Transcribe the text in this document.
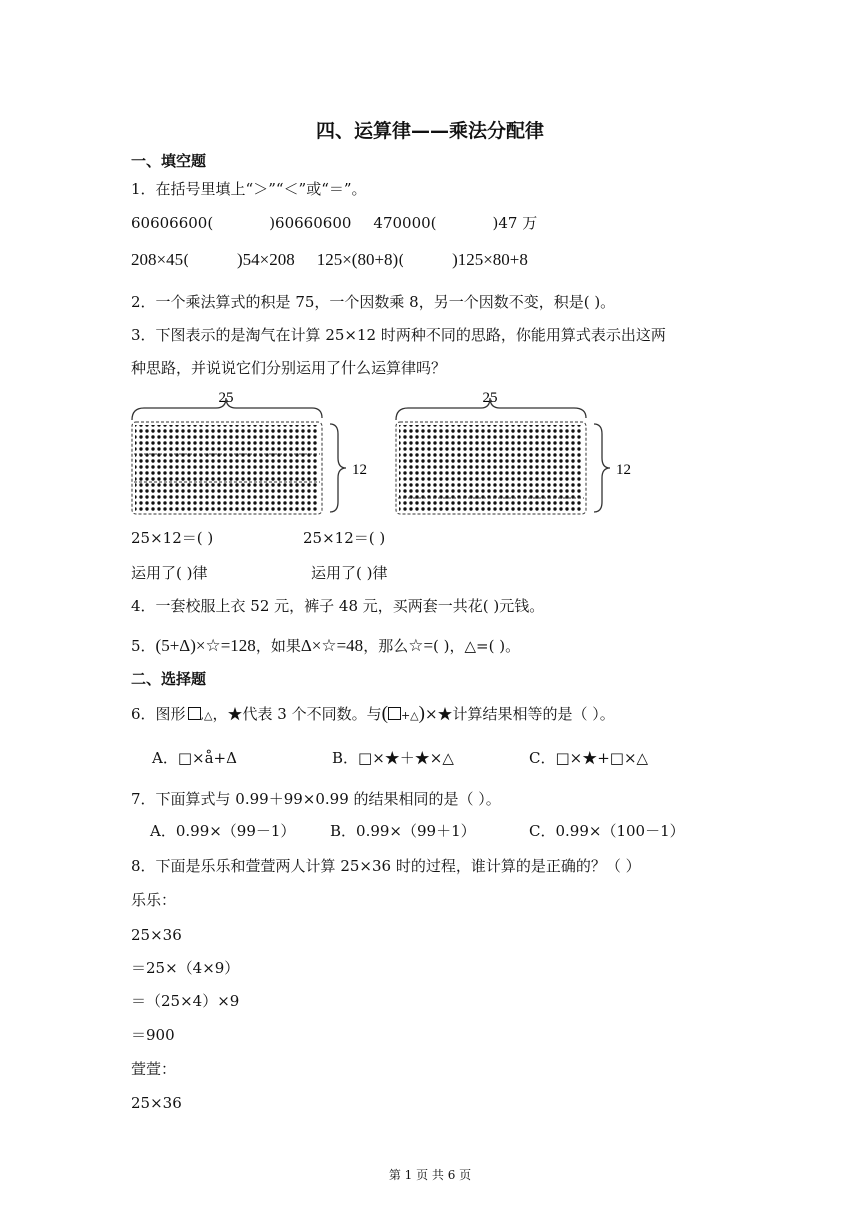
四、运算律——乘法分配律
一、填空题
1．在括号里填上“＞”“＜”或“＝”。
60606600(	)60660600 470000(	)47 万
208×45(	)54×208 125×(80+8)(	)125×80+8
2．一个乘法算式的积是 75，一个因数乘 8，另一个因数不变，积是( )。
3．下图表示的是淘气在计算 25×12 时两种不同的思路，你能用算式表示出这两
种思路，并说说它们分别运用了什么运算律吗？
25
12
25
12
25×12＝( )	25×12＝( )
运用了( )律	运用了( )律
4．一套校服上衣 52 元，裤子 48 元，买两套一共花( )元钱。
5．(5+Δ)×☆=128，如果Δ×☆=48，那么☆=( )，△=( )。
二、选择题
6．图形 ,△，★代表 3 个不同数。与( +△)×★计算结果相等的是（ ）。
A．□×å+Δ	B．□×★＋★×△	C．□×★+□×△
7．下面算式与 0.99＋99×0.99 的结果相同的是（ ）。
A．0.99×（99－1） B．0.99×（99＋1）	C．0.99×（100－1）
8．下面是乐乐和萱萱两人计算 25×36 时的过程，谁计算的是正确的？（ ）
乐乐：
25×36
＝25×（4×9）
＝（25×4）×9
＝900
萱萱：
25×36
第 1 页 共 6 页
